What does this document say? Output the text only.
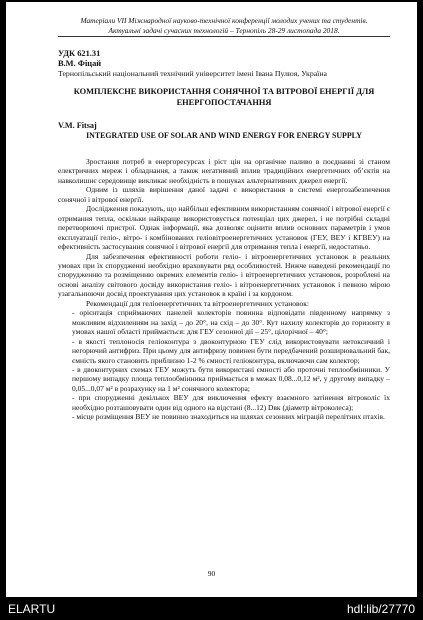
Матеріали VII Міжнародної науково-технічної конференції молодих учених та студентів.
Актуальні задачі сучасних технологій – Тернопіль 28-29 листопада 2018.
УДК 621.31
В.М. Фіцай
Тернопільський національний технічний університет імені Івана Пулюя, Україна
КОМПЛЕКСНЕ ВИКОРИСТАННЯ СОНЯЧНОЇ ТА ВІТРОВОЇ ЕНЕРГІЇ ДЛЯ ЕНЕРГОПОСТАЧАННЯ
V.M. Fitsaj
INTEGRATED USE OF SOLAR AND WIND ENERGY FOR ENERGY SUPPLY

Зростання потреб в енергоресурсах і ріст цін на органічне паливо в поєднанні зі станом електричних мереж і обладнання, а також негативний вплив традиційних енергетичних об’єктів на навколишнє середовище викликає необхідність в пошуках альтернативних джерел енергії.

Одним із шляхів вирішення даної задачі є використання в системі енергозабезпечення сонячної і вітрової енергії.

Дослідження показують, що найбільш ефективним використанням сонячної і вітрової енергії є отримання тепла, оскільки найкраще використовується потенціал цих джерел, і не потрібні складні перетворюючі пристрої. Однак інформації, яка дозволяє оцінити вплив основних параметрів і умов експлуатації геліо-, вітро- і комбінованих геліовітроенергетичних установок (ГЕУ, ВЕУ і КГВЕУ) на ефективність застосування сонячної і вітрової енергії для отримання тепла і енергії, недостатньо.

Для забезпечення ефективності роботи геліо- і вітроенергетичних установок в реальних умовах при їх спорудженні необхідно враховувати ряд особливостей. Нижче наведені рекомендації по спорудженню та розміщенню окремих елементів геліо- і вітроенергетичних установок, розроблені на основі аналізу світового досвіду використання геліо- і вітроенергетичних установок і певною мірою узагальнюючи досвід проектування цих установок в країні і за кордоном.

Рекомендації для геліоенергетичних та вітроенергетичних установок:

- орієнтація сприймаючих панелей колекторів повинна відповідати південному напрямку з можливим відхиленням на захід – до 20°, на схід – до 30°. Кут нахилу колекторів до горизонту в умовах нашої області приймається: для ГЕУ сезонної дії – 25°, цілорічної – 40°;

- в якості теплоносія геліоконтура з двоконтурною ГЕУ слід використовувати нетоксичний і негорючий антифриз. При цьому для антифризу повинен бути передбачений розширювальний бак, ємність якого становить приблизно 1-2 % ємності геліоконтура, включаючи сам колектор;

- в двоконтурних схемах ГЕУ можуть бути використані ємності або проточні теплообмінники. У першому випадку площа теплообмінника приймається в межах 0,08...0,12 м², у другому випадку – 0,05...0,07 м² в розрахунку на 1 м² сонячного колектора;

- при спорудженні декількох ВЕУ для виключення ефекту взаємного затінення вітроколіс їх необхідно розташовувати один від одного на відстані (8...12) Dвк (діаметр вітроколеса);

- місце розміщення ВЕУ не повинно знаходиться на шляхах сезонних міграцій перелітних птахів.

90
ELARTU	hdl:lib/27770
